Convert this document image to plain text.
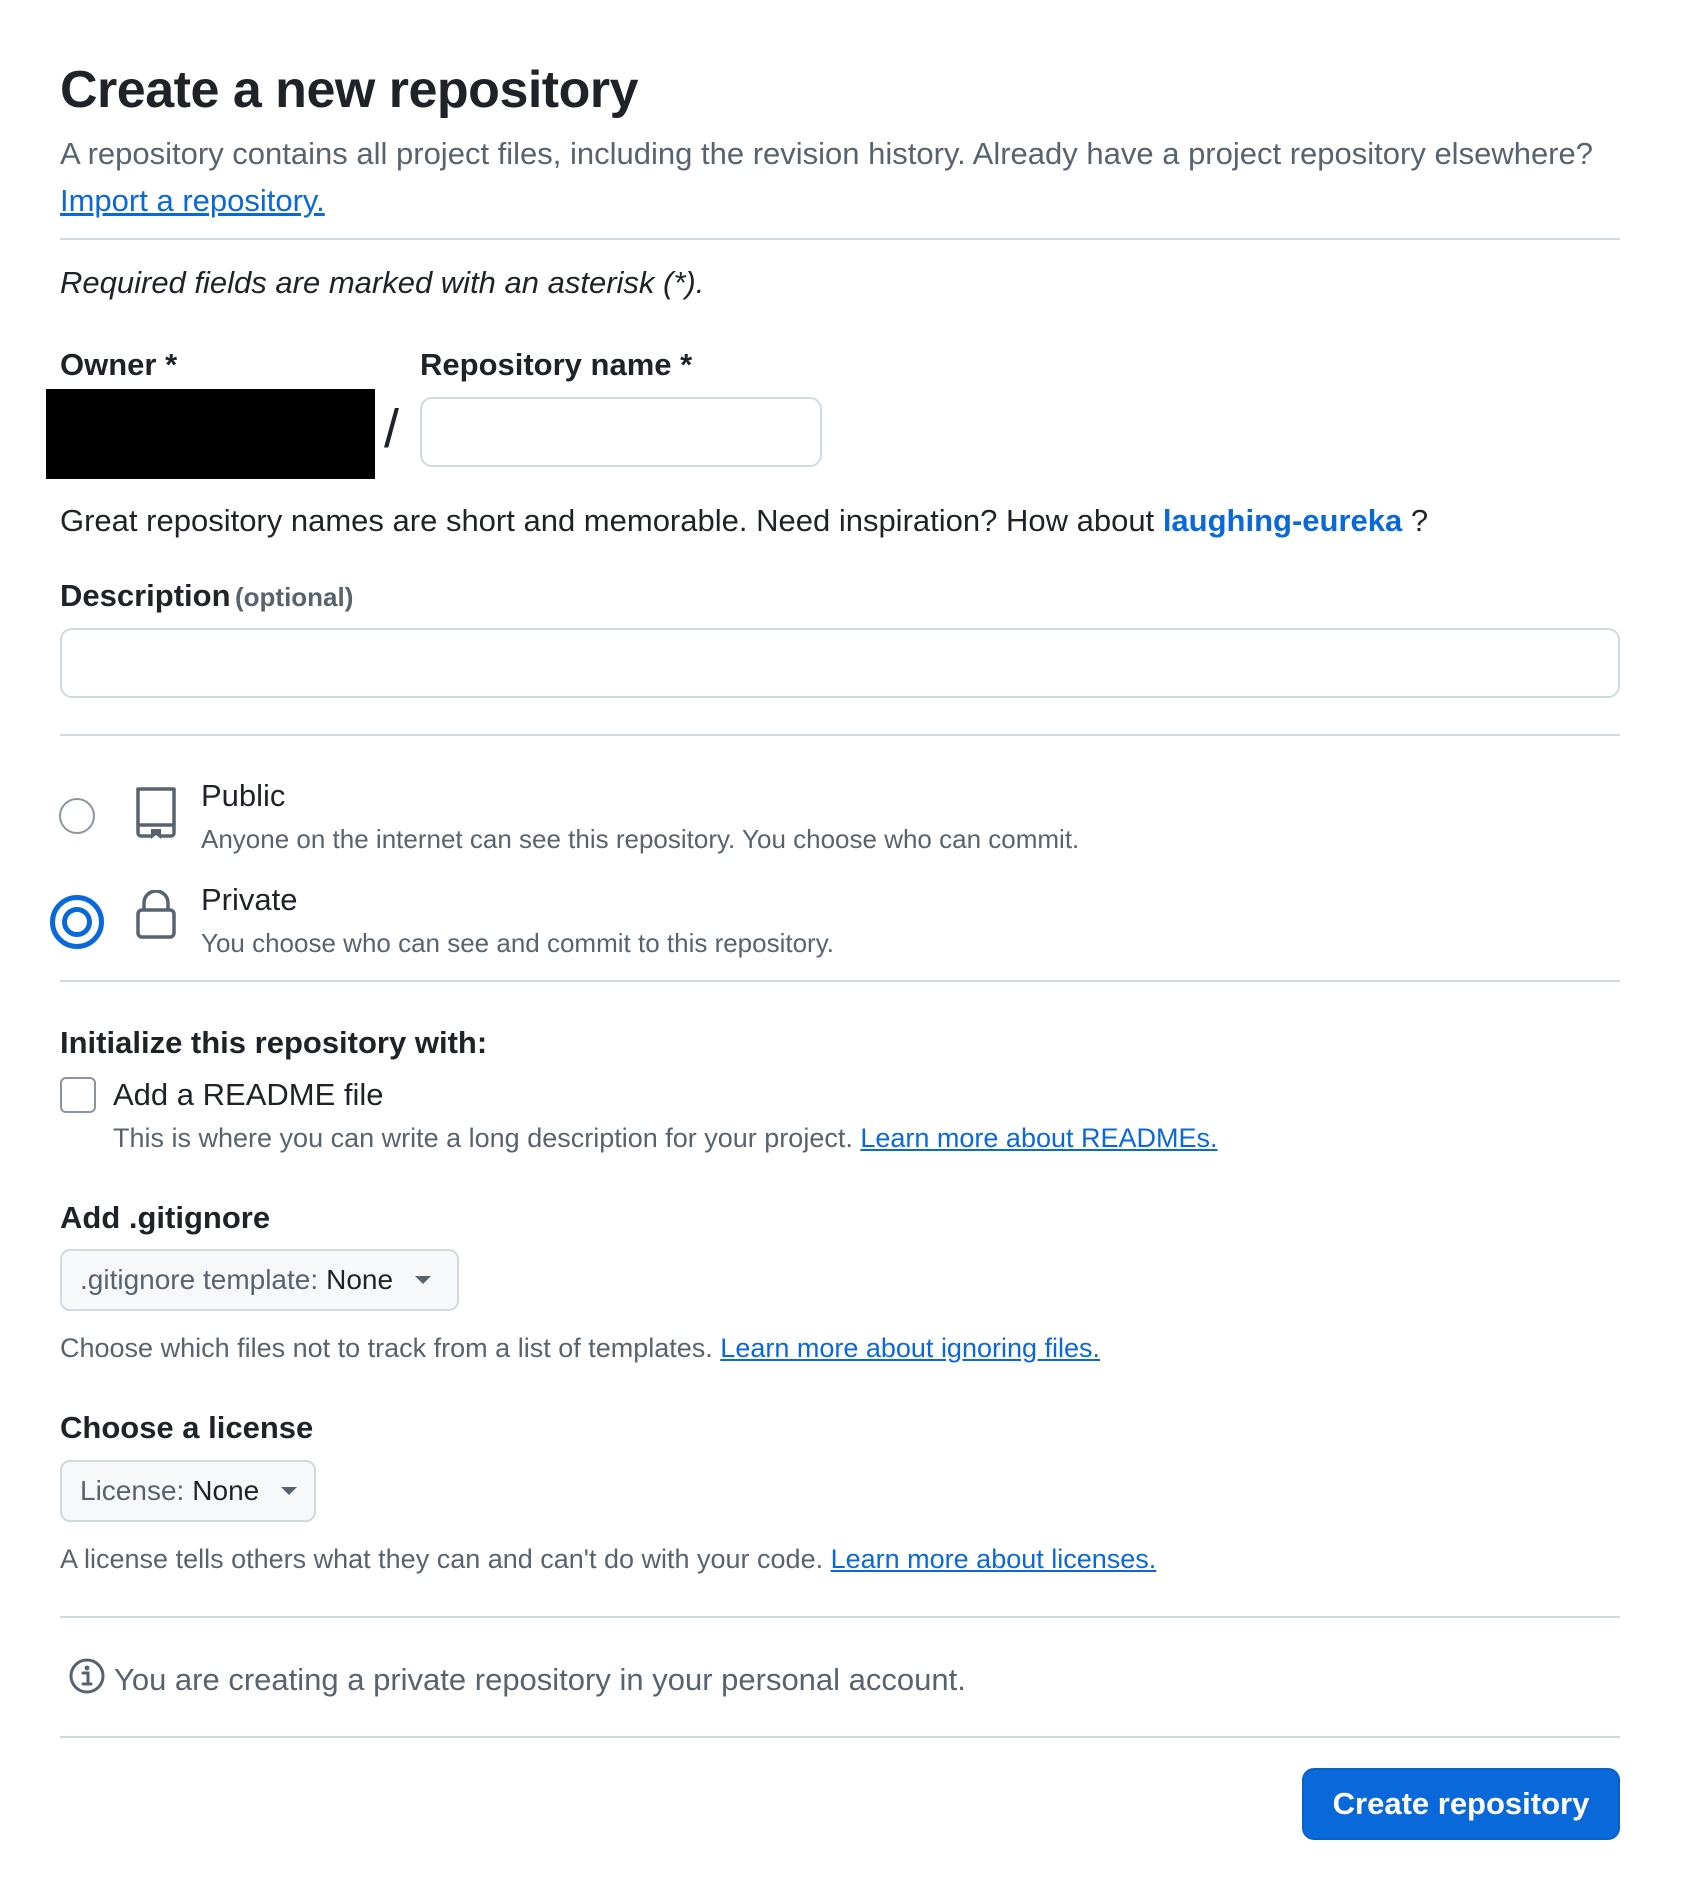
Create a new repository
A repository contains all project files, including the revision history. Already have a project repository elsewhere? Import a repository.
Required fields are marked with an asterisk (*).
Owner *	Repository name *
/
Great repository names are short and memorable. Need inspiration? How about laughing-eureka ?
Description (optional)
Public
Anyone on the internet can see this repository. You choose who can commit.
Private
You choose who can see and commit to this repository.
Initialize this repository with:
Add a README file
This is where you can write a long description for your project. Learn more about READMEs.
Add .gitignore
.gitignore template: None
Choose which files not to track from a list of templates. Learn more about ignoring files.
Choose a license
License: None
A license tells others what they can and can't do with your code. Learn more about licenses.
You are creating a private repository in your personal account.
Create repository
